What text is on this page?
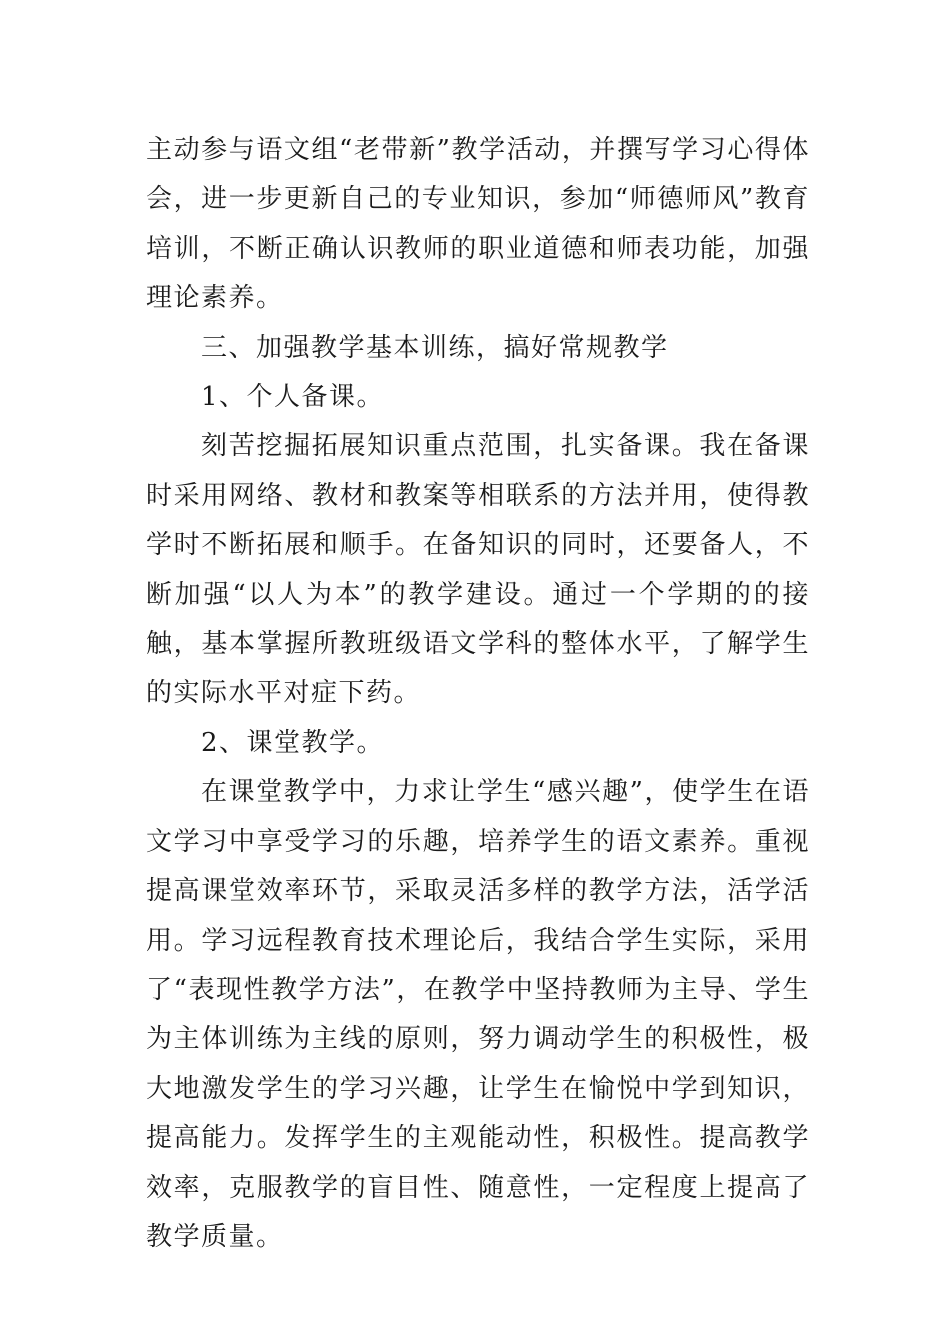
主动参与语文组“老带新”教学活动，并撰写学习心得体会，进一步更新自己的专业知识，参加“师德师风”教育培训，不断正确认识教师的职业道德和师表功能，加强理论素养。

三、加强教学基本训练，搞好常规教学

1、个人备课。

刻苦挖掘拓展知识重点范围，扎实备课。我在备课时采用网络、教材和教案等相联系的方法并用，使得教学时不断拓展和顺手。在备知识的同时，还要备人，不断加强“以人为本”的教学建设。通过一个学期的的接触，基本掌握所教班级语文学科的整体水平，了解学生的实际水平对症下药。

2、课堂教学。

在课堂教学中，力求让学生“感兴趣”，使学生在语文学习中享受学习的乐趣，培养学生的语文素养。重视提高课堂效率环节，采取灵活多样的教学方法，活学活用。学习远程教育技术理论后，我结合学生实际，采用了“表现性教学方法”，在教学中坚持教师为主导、学生为主体训练为主线的原则，努力调动学生的积极性，极大地激发学生的学习兴趣，让学生在愉悦中学到知识，提高能力。发挥学生的主观能动性，积极性。提高教学效率，克服教学的盲目性、随意性，一定程度上提高了教学质量。
